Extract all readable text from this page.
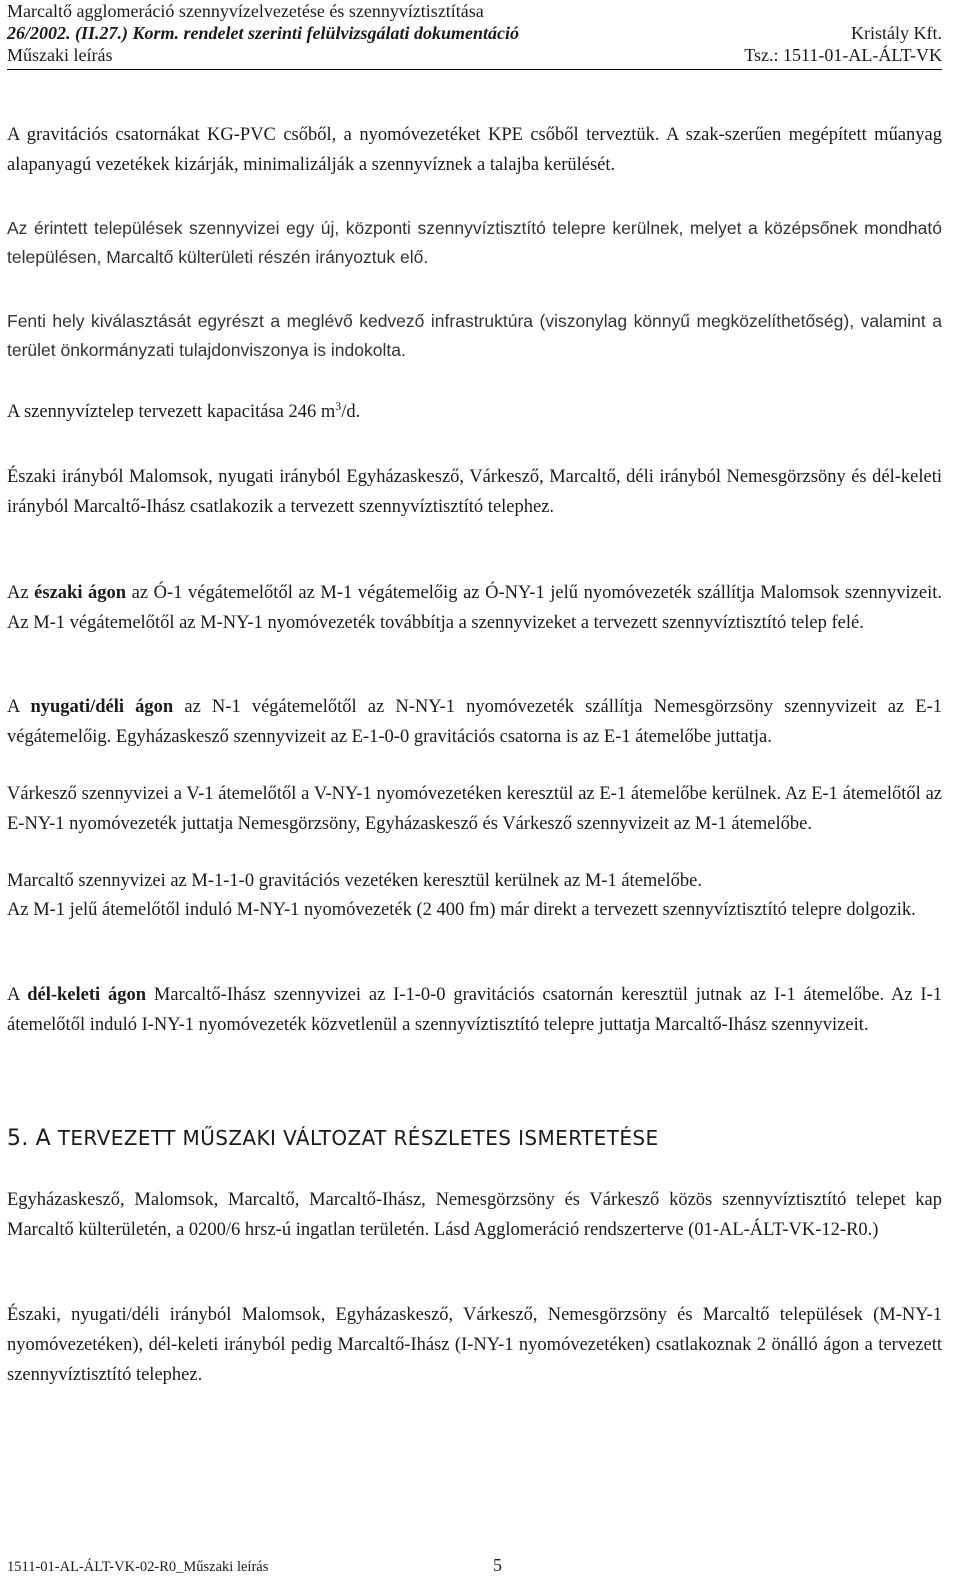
Marcaltő agglomeráció szennyvízelvezetése és szennyvíztisztítása
26/2002. (II.27.) Korm. rendelet szerinti felülvizsgálati dokumentáció	Kristály Kft.
Műszaki leírás	Tsz.: 1511-01-AL-ÁLT-VK

A gravitációs csatornákat KG-PVC csőből, a nyomóvezetéket KPE csőből terveztük. A szak-szerűen megépített műanyag alapanyagú vezetékek kizárják, minimalizálják a szennyvíznek a talajba kerülését.

Az érintett települések szennyvizei egy új, központi szennyvíztisztító telepre kerülnek, melyet a középsőnek mondható településen, Marcaltő külterületi részén irányoztuk elő.

Fenti hely kiválasztását egyrészt a meglévő kedvező infrastruktúra (viszonylag könnyű megközelíthetőség), valamint a terület önkormányzati tulajdonviszonya is indokolta.

A szennyvíztelep tervezett kapacitása 246 $m^3/d$.

Északi irányból Malomsok, nyugati irányból Egyházaskesző, Várkesző, Marcaltő, déli irányból Nemesgörzsöny és dél-keleti irányból Marcaltő-Ihász csatlakozik a tervezett szennyvíztisztító telephez.

Az északi ágon az Ó-1 végátemelőtől az M-1 végátemelőig az Ó-NY-1 jelű nyomóvezeték szállítja Malomsok szennyvizeit. Az M-1 végátemelőtől az M-NY-1 nyomóvezeték továbbítja a szennyvizeket a tervezett szennyvíztisztító telep felé.

A nyugati/déli ágon az N-1 végátemelőtől az N-NY-1 nyomóvezeték szállítja Nemesgörzsöny szennyvizeit az E-1 végátemelőig. Egyházaskesző szennyvizeit az E-1-0-0 gravitációs csatorna is az E-1 átemelőbe juttatja.

Várkesző szennyvizei a V-1 átemelőtől a V-NY-1 nyomóvezetéken keresztül az E-1 átemelőbe kerülnek. Az E-1 átemelőtől az E-NY-1 nyomóvezeték juttatja Nemesgörzsöny, Egyházaskesző és Várkesző szennyvizeit az M-1 átemelőbe.

Marcaltő szennyvizei az M-1-1-0 gravitációs vezetéken keresztül kerülnek az M-1 átemelőbe.

Az M-1 jelű átemelőtől induló M-NY-1 nyomóvezeték (2 400 fm) már direkt a tervezett szennyvíztisztító telepre dolgozik.

A dél-keleti ágon Marcaltő-Ihász szennyvizei az I-1-0-0 gravitációs csatornán keresztül jutnak az I-1 átemelőbe. Az I-1 átemelőtől induló I-NY-1 nyomóvezeték közvetlenül a szennyvíztisztító telepre juttatja Marcaltő-Ihász szennyvizeit.

5. A TERVEZETT MŰSZAKI VÁLTOZAT RÉSZLETES ISMERTETÉSE

Egyházaskesző, Malomsok, Marcaltő, Marcaltő-Ihász, Nemesgörzsöny és Várkesző közös szennyvíztisztító telepet kap Marcaltő külterületén, a 0200/6 hrsz-ú ingatlan területén. Lásd Agglomeráció rendszerterve (01-AL-ÁLT-VK-12-R0.)

Északi, nyugati/déli irányból Malomsok, Egyházaskesző, Várkesző, Nemesgörzsöny és Marcaltő települések (M-NY-1 nyomóvezetéken), dél-keleti irányból pedig Marcaltő-Ihász (I-NY-1 nyomóvezetéken) csatlakoznak 2 önálló ágon a tervezett szennyvíztisztító telephez.

1511-01-AL-ÁLT-VK-02-R0_Műszaki leírás	5
